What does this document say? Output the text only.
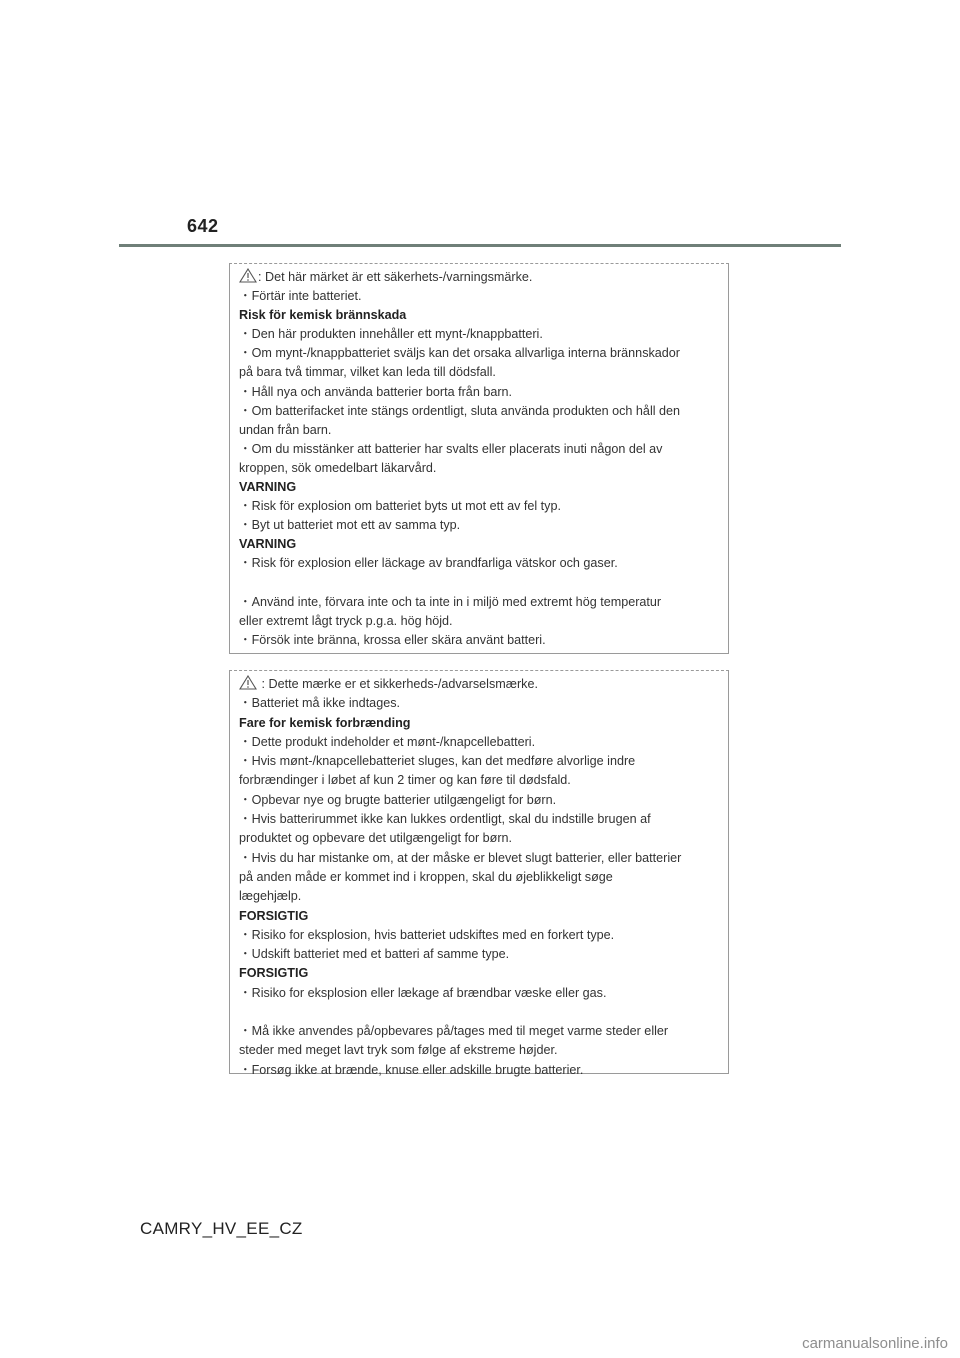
642
: Det här märket är ett säkerhets-/varningsmärke.
・Förtär inte batteriet.
Risk för kemisk brännskada
・Den här produkten innehåller ett mynt-/knappbatteri.
・Om mynt-/knappbatteriet sväljs kan det orsaka allvarliga interna brännskador
på bara två timmar, vilket kan leda till dödsfall.
・Håll nya och använda batterier borta från barn.
・Om batterifacket inte stängs ordentligt, sluta använda produkten och håll den
undan från barn.
・Om du misstänker att batterier har svalts eller placerats inuti någon del av
kroppen, sök omedelbart läkarvård.
VARNING
・Risk för explosion om batteriet byts ut mot ett av fel typ.
・Byt ut batteriet mot ett av samma typ.
VARNING
・Risk för explosion eller läckage av brandfarliga vätskor och gaser.
・Använd inte, förvara inte och ta inte in i miljö med extremt hög temperatur
eller extremt lågt tryck p.g.a. hög höjd.
・Försök inte bränna, krossa eller skära använt batteri.
: Dette mærke er et sikkerheds-/advarselsmærke.
・Batteriet må ikke indtages.
Fare for kemisk forbrænding
・Dette produkt indeholder et mønt-/knapcellebatteri.
・Hvis mønt-/knapcellebatteriet sluges, kan det medføre alvorlige indre
forbrændinger i løbet af kun 2 timer og kan føre til dødsfald.
・Opbevar nye og brugte batterier utilgængeligt for børn.
・Hvis batterirummet ikke kan lukkes ordentligt, skal du indstille brugen af
produktet og opbevare det utilgængeligt for børn.
・Hvis du har mistanke om, at der måske er blevet slugt batterier, eller batterier
på anden måde er kommet ind i kroppen, skal du øjeblikkeligt søge
lægehjælp.
FORSIGTIG
・Risiko for eksplosion, hvis batteriet udskiftes med en forkert type.
・Udskift batteriet med et batteri af samme type.
FORSIGTIG
・Risiko for eksplosion eller lækage af brændbar væske eller gas.
・Må ikke anvendes på/opbevares på/tages med til meget varme steder eller
steder med meget lavt tryk som følge af ekstreme højder.
・Forsøg ikke at brænde, knuse eller adskille brugte batterier.
CAMRY_HV_EE_CZ
carmanualsonline.info
